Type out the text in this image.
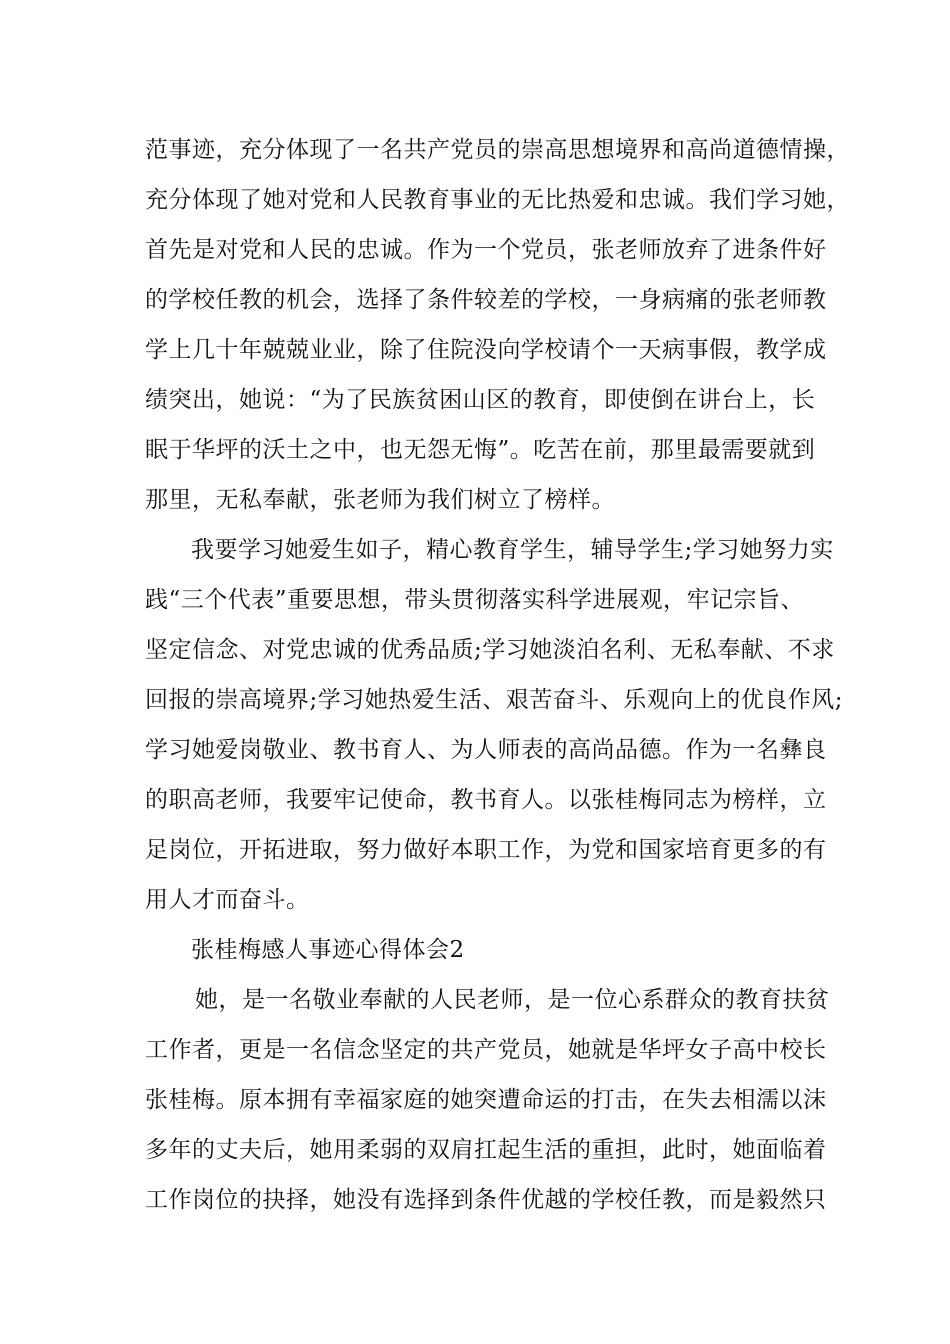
范事迹，充分体现了一名共产党员的崇高思想境界和高尚道德情操，
充分体现了她对党和人民教育事业的无比热爱和忠诚。我们学习她，
首先是对党和人民的忠诚。作为一个党员，张老师放弃了进条件好
的学校任教的机会，选择了条件较差的学校，一身病痛的张老师教
学上几十年兢兢业业，除了住院没向学校请个一天病事假，教学成
绩突出，她说：“为了民族贫困山区的教育，即使倒在讲台上，长
眠于华坪的沃土之中，也无怨无悔”。吃苦在前，那里最需要就到
那里，无私奉献，张老师为我们树立了榜样。
我要学习她爱生如子，精心教育学生，辅导学生;学习她努力实
践“三个代表”重要思想，带头贯彻落实科学进展观，牢记宗旨、
坚定信念、对党忠诚的优秀品质;学习她淡泊名利、无私奉献、不求
回报的崇高境界;学习她热爱生活、艰苦奋斗、乐观向上的优良作风;
学习她爱岗敬业、教书育人、为人师表的高尚品德。作为一名彝良
的职高老师，我要牢记使命，教书育人。以张桂梅同志为榜样，立
足岗位，开拓进取，努力做好本职工作，为党和国家培育更多的有
用人才而奋斗。
张桂梅感人事迹心得体会2
她，是一名敬业奉献的人民老师，是一位心系群众的教育扶贫
工作者，更是一名信念坚定的共产党员，她就是华坪女子高中校长
张桂梅。原本拥有幸福家庭的她突遭命运的打击，在失去相濡以沫
多年的丈夫后，她用柔弱的双肩扛起生活的重担，此时，她面临着
工作岗位的抉择，她没有选择到条件优越的学校任教，而是毅然只
